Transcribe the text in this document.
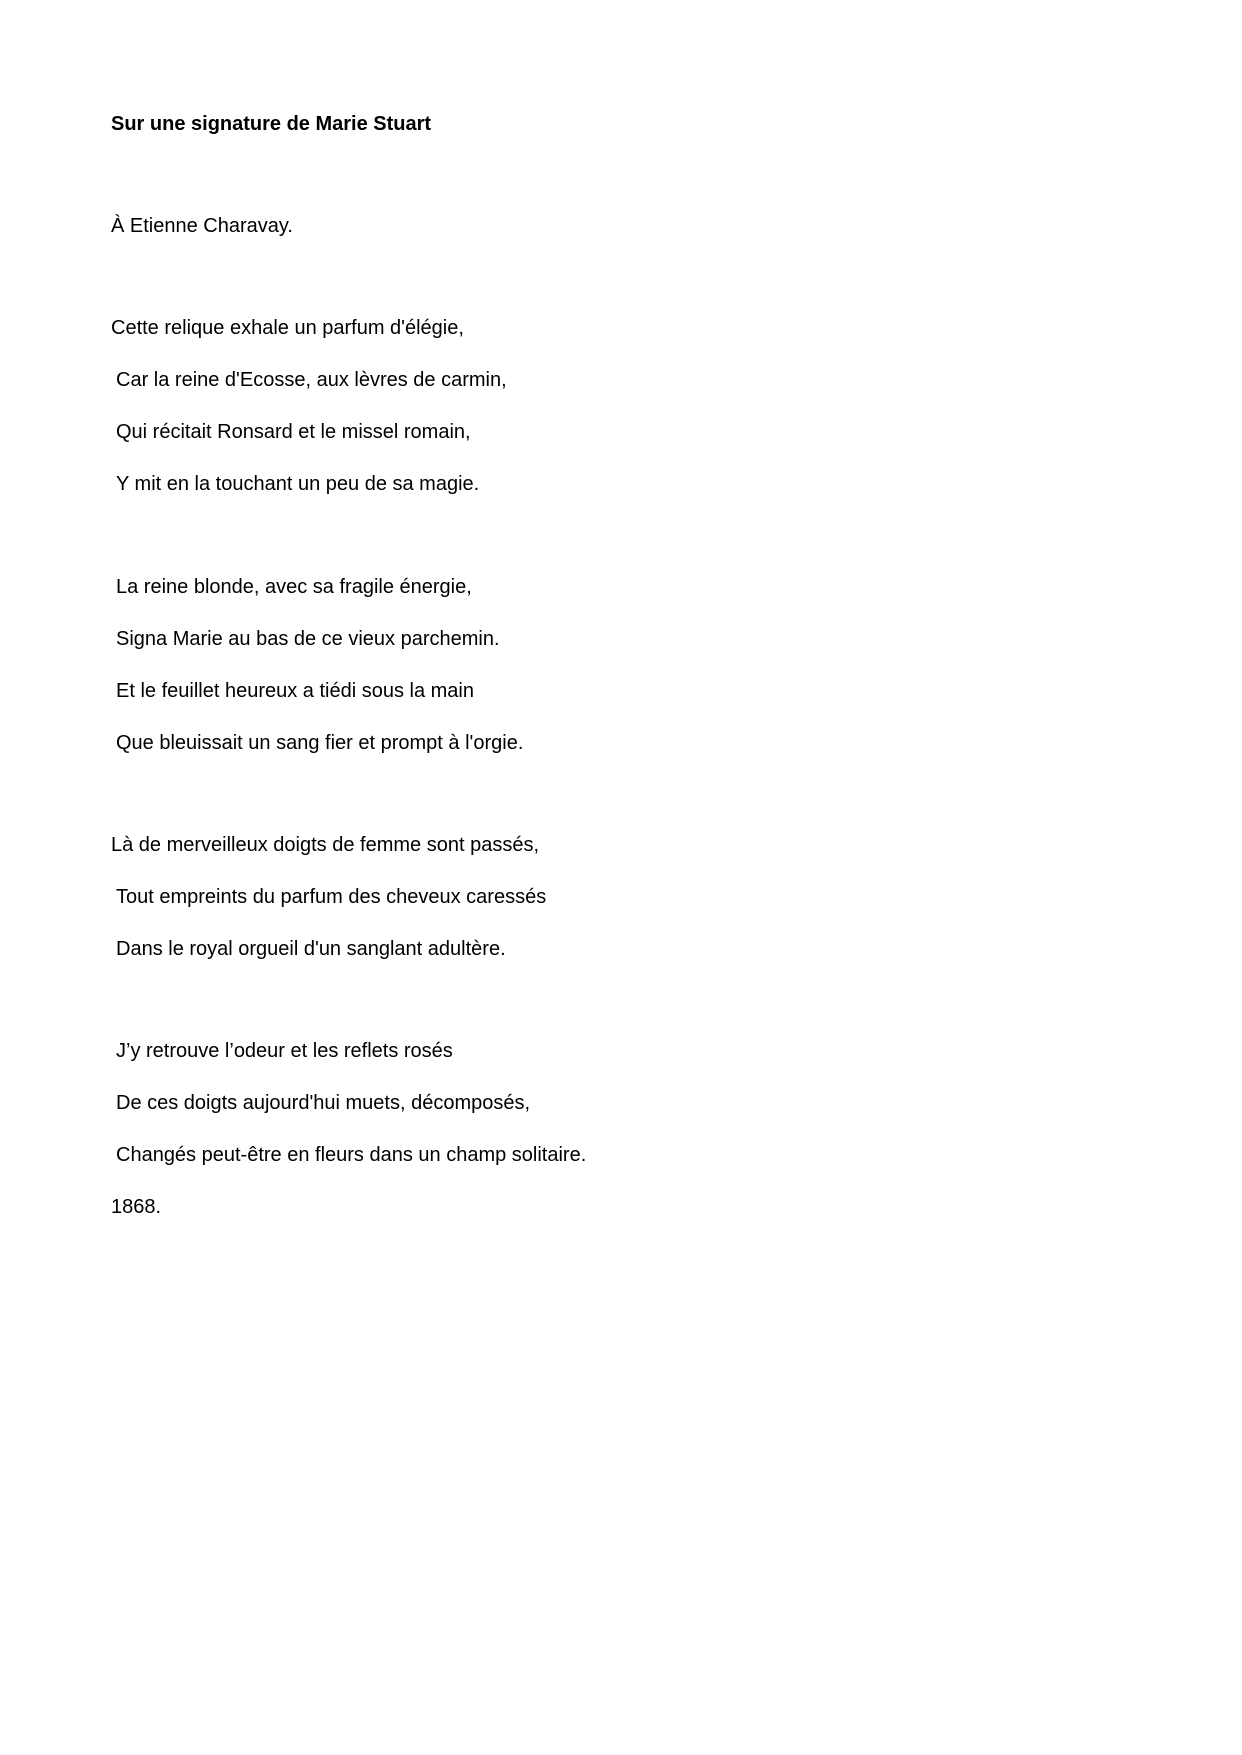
Sur une signature de Marie Stuart
À Etienne Charavay.
Cette relique exhale un parfum d'élégie,
Car la reine d'Ecosse, aux lèvres de carmin,
Qui récitait Ronsard et le missel romain,
Y mit en la touchant un peu de sa magie.
La reine blonde, avec sa fragile énergie,
Signa Marie au bas de ce vieux parchemin.
Et le feuillet heureux a tiédi sous la main
Que bleuissait un sang fier et prompt à l'orgie.
Là de merveilleux doigts de femme sont passés,
Tout empreints du parfum des cheveux caressés
Dans le royal orgueil d'un sanglant adultère.
J’y retrouve l’odeur et les reflets rosés
De ces doigts aujourd'hui muets, décomposés,
Changés peut-être en fleurs dans un champ solitaire.
1868.
